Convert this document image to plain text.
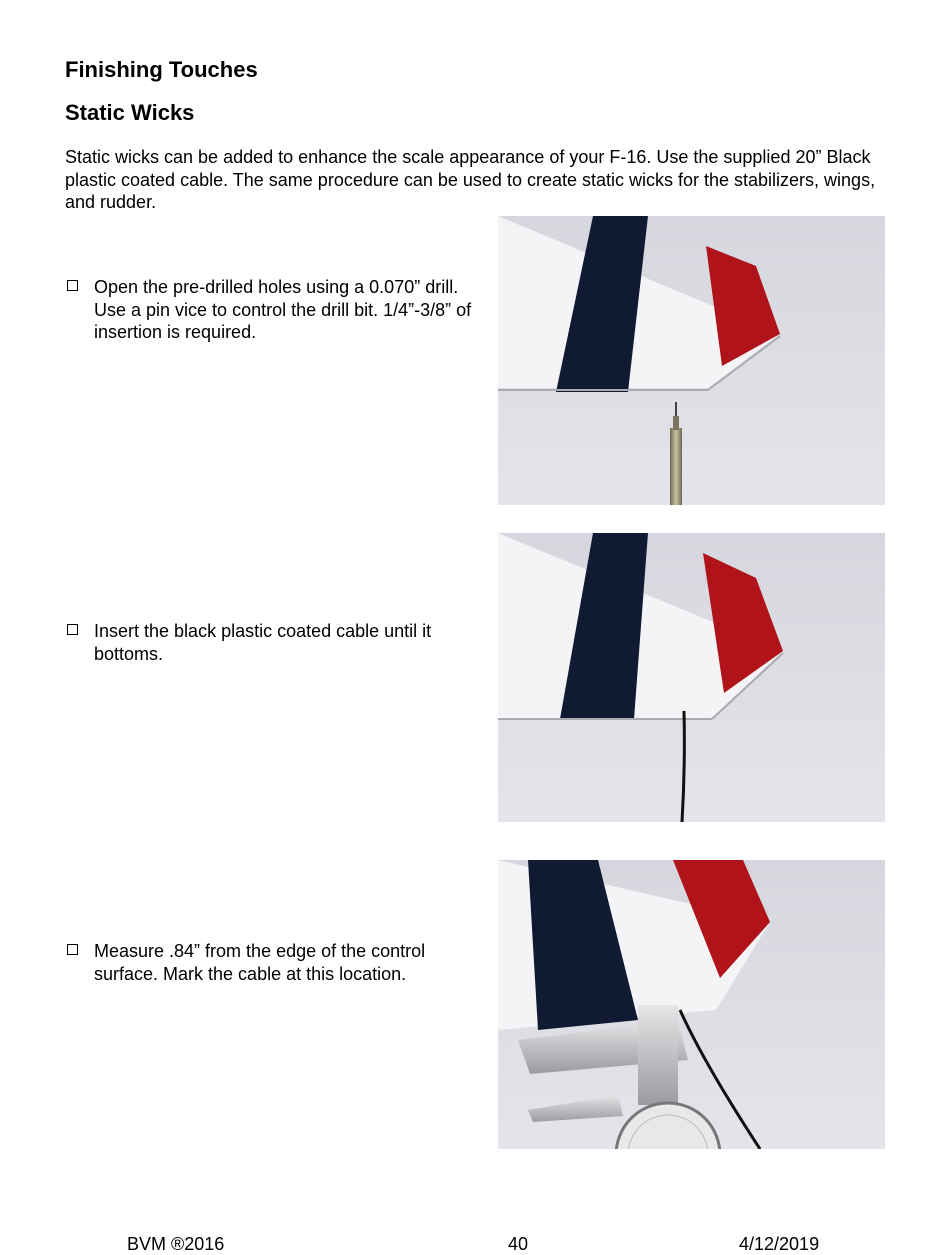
Finishing Touches
Static Wicks

Static wicks can be added to enhance the scale appearance of your F-16. Use the supplied 20” Black plastic coated cable. The same procedure can be used to create static wicks for the stabilizers, wings, and rudder.

Open the pre-drilled holes using a 0.070” drill. Use a pin vice to control the drill bit. 1/4”-3/8” of insertion is required.
Insert the black plastic coated cable until it bottoms.
Measure .84” from the edge of the control surface. Mark the cable at this location.
BVM ®2016	40	4/12/2019
